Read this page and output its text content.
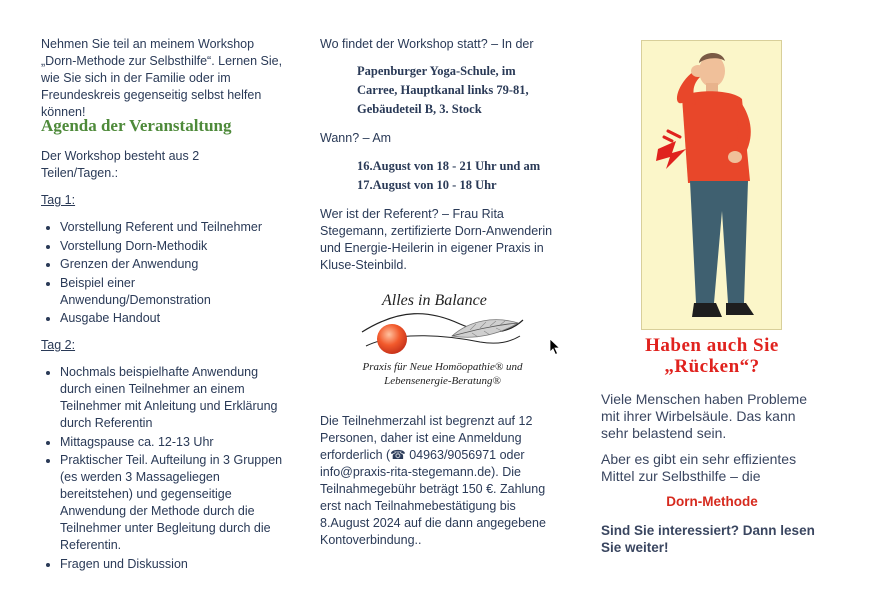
Nehmen Sie teil an meinem Workshop „Dorn-Methode zur Selbsthilfe“. Lernen Sie, wie Sie sich in der Familie oder im Freundeskreis gegenseitig selbst helfen können!

Agenda der Veranstaltung

Der Workshop besteht aus 2 Teilen/Tagen.:

Tag 1:

• Vorstellung Referent und Teilnehmer
• Vorstellung Dorn-Methodik
• Grenzen der Anwendung
• Beispiel einer Anwendung/Demonstration
• Ausgabe Handout

Tag 2:

• Nochmals beispielhafte Anwendung durch einen Teilnehmer an einem Teilnehmer mit Anleitung und Erklärung durch Referentin
• Mittagspause ca. 12-13 Uhr
• Praktischer Teil. Aufteilung in 3 Gruppen (es werden 3 Massageliegen bereitstehen) und gegenseitige Anwendung der Methode durch die Teilnehmer unter Begleitung durch die Referentin.
• Fragen und Diskussion

Wo findet der Workshop statt? – In der

Papenburger Yoga-Schule, im Carree, Hauptkanal links 79-81, Gebäudeteil B, 3. Stock

Wann? – Am

16.August von 18 - 21 Uhr und am 17.August von 10 - 18 Uhr

Wer ist der Referent? – Frau Rita Stegemann, zertifizierte Dorn-Anwenderin und Energie-Heilerin in eigener Praxis in Kluse-Steinbild.

Die Teilnehmerzahl ist begrenzt auf 12 Personen, daher ist eine Anmeldung erforderlich (☎ 04963/9056971 oder info@praxis-rita-stegemann.de). Die Teilnahmegebühr beträgt 150 €. Zahlung erst nach Teilnahmebestätigung bis 8.August 2024 auf die dann angegebene Kontoverbindung..

Alles in Balance
Praxis für Neue Homöopathie® und Lebensenergie-Beratung®
Haben auch Sie „Rücken“?

Viele Menschen haben Probleme mit ihrer Wirbelsäule. Das kann sehr belastend sein.

Aber es gibt ein sehr effizientes Mittel zur Selbsthilfe – die

Dorn-Methode

Sind Sie interessiert? Dann lesen Sie weiter!
